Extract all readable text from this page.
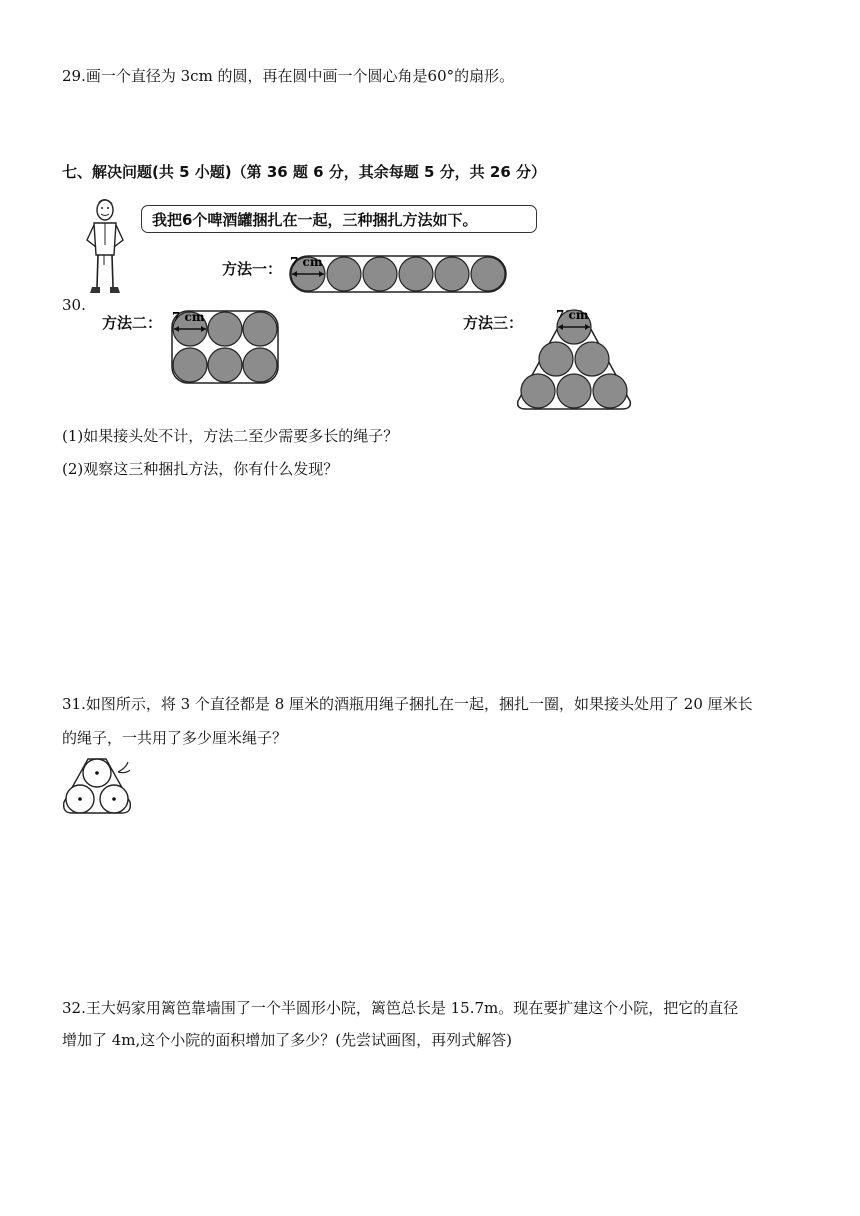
29.画一个直径为 3cm 的圆，再在圆中画一个圆心角是60°的扇形。
七、解决问题(共 5 小题)（第 36 题 6 分，其余每题 5 分，共 26 分）
我把6个啤酒罐捆扎在一起，三种捆扎方法如下。
30.
方法一： 7 cm
方法二： 7 cm	方法三：	7 cm
(1)如果接头处不计，方法二至少需要多长的绳子？
(2)观察这三种捆扎方法，你有什么发现？
31.如图所示，将 3 个直径都是 8 厘米的酒瓶用绳子捆扎在一起，捆扎一圈，如果接头处用了 20 厘米长
的绳子，一共用了多少厘米绳子？
32.王大妈家用篱笆靠墙围了一个半圆形小院，篱笆总长是 15.7m。现在要扩建这个小院，把它的直径
增加了 4m,这个小院的面积增加了多少？(先尝试画图，再列式解答)
